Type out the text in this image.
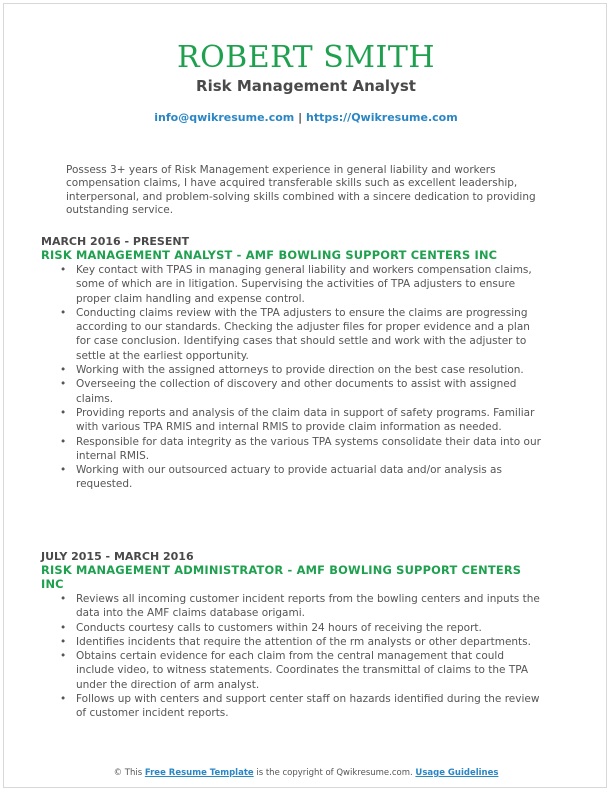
ROBERT SMITH
Risk Management Analyst
info@qwikresume.com | https://Qwikresume.com
Possess 3+ years of Risk Management experience in general liability and workers compensation claims, I have acquired transferable skills such as excellent leadership, interpersonal, and problem-solving skills combined with a sincere dedication to providing outstanding service.
MARCH 2016 - PRESENT
RISK MANAGEMENT ANALYST - AMF BOWLING SUPPORT CENTERS INC
• Key contact with TPAS in managing general liability and workers compensation claims, some of which are in litigation. Supervising the activities of TPA adjusters to ensure proper claim handling and expense control.
• Conducting claims review with the TPA adjusters to ensure the claims are progressing according to our standards. Checking the adjuster files for proper evidence and a plan for case conclusion. Identifying cases that should settle and work with the adjuster to settle at the earliest opportunity.
• Working with the assigned attorneys to provide direction on the best case resolution.
• Overseeing the collection of discovery and other documents to assist with assigned claims.
• Providing reports and analysis of the claim data in support of safety programs. Familiar with various TPA RMIS and internal RMIS to provide claim information as needed.
• Responsible for data integrity as the various TPA systems consolidate their data into our internal RMIS.
• Working with our outsourced actuary to provide actuarial data and/or analysis as requested.
JULY 2015 - MARCH 2016
RISK MANAGEMENT ADMINISTRATOR - AMF BOWLING SUPPORT CENTERS INC
• Reviews all incoming customer incident reports from the bowling centers and inputs the data into the AMF claims database origami.
• Conducts courtesy calls to customers within 24 hours of receiving the report.
• Identifies incidents that require the attention of the rm analysts or other departments.
• Obtains certain evidence for each claim from the central management that could include video, to witness statements. Coordinates the transmittal of claims to the TPA under the direction of arm analyst.
• Follows up with centers and support center staff on hazards identified during the review of customer incident reports.
© This Free Resume Template is the copyright of Qwikresume.com. Usage Guidelines
